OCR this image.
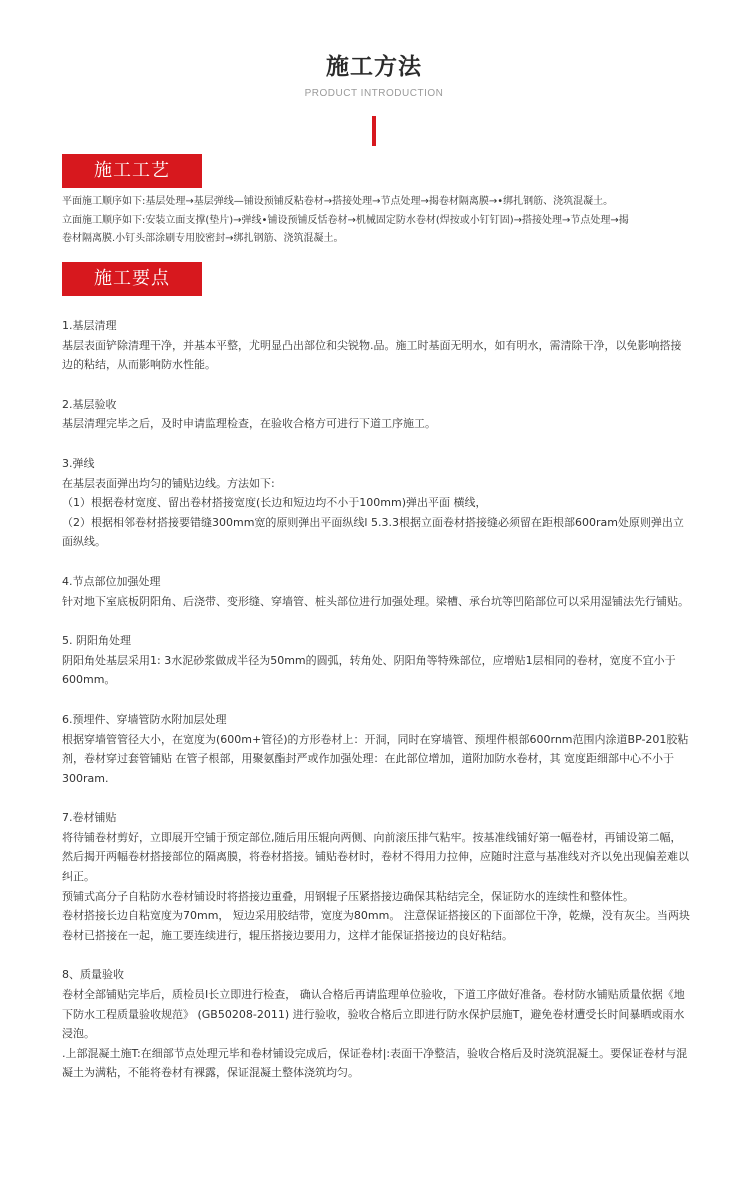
施工方法
PRODUCT INTRODUCTION
施工工艺

平面施工顺序如下:基层处理→基层弹线—铺设预铺反粘卷材→搭接处理→节点处理→揭卷材隔离膜→•绑扎钢筋、浇筑混凝土。

立面施工顺序如下:安装立面支撑(垫片)→弹线•铺设预铺反恬卷材→机械固定防水卷材(焊按或小钉钉固)→搭接处理→节点处理→揭卷材隔离膜.小钉头部涂刷专用胶密封→绑扎钢筋、浇筑混凝土。

施工要点

1.基层清理

基层表面铲除清理干净，并基本平整，尤明显凸出部位和尖锐物.品。施工时基面无明水，如有明水，需清除干净，以免影响搭接边的粘结，从而影响防水性能。

2.基层验收

基层清理完毕之后，及时申请监理检查，在验收合格方可进行下道工序施工。

3.弹线

在基层表面弹出均匀的铺贴边线。方法如下:

（1）根据卷材宽度、留出卷材搭接宽度(长边和短边均不小于100mm)弹出平面 横线，

（2）根据相邻卷材搭接要错缝300mm宽的原则弹出平面纵线l 5.3.3根据立面卷材搭接缝必须留在距根部600ram处原则弹出立面纵线。

4.节点部位加强处理

针对地下室底板阴阳角、后浇带、变形缝、穿墙管、桩头部位进行加强处理。梁槽、承台坑等凹陷部位可以采用湿铺法先行铺贴。

5. 阴阳角处理

阴阳角处基层采用1: 3水泥砂浆做成半径为50mm的圆弧，转角处、阴阳角等特殊部位，应增贴1层相同的卷材，宽度不宜小于600mm。

6.预埋件、穿墙管防水附加层处理

根据穿墙管管径大小，在宽度为(600m+管径)的方形卷材上：开洞，同时在穿墙管、预埋件根部600rnm范围内涂道BP-201胶粘剂，卷材穿过套管铺贴 在管子根部，用聚氨酯封严或作加强处理：在此部位增加，道附加防水卷材，其 宽度距细部中心不小于300ram.

7.卷材铺贴

将待铺卷材剪好，立即展开空铺于预定部位,随后用压辊向两侧、向前滚压排气粘牢。按基准线铺好第一幅卷材，再铺设第二幅，然后揭开两幅卷材搭接部位的隔离膜，将卷材搭接。铺贴卷材时，卷材不得用力拉伸，应随时注意与基准线对齐以免出现偏差难以纠正。

预铺式高分子自粘防水卷材铺设时将搭接边重叠，用钢辊子压紧搭接边确保其粘结完全，保证防水的连续性和整体性。

卷材搭接长边自粘宽度为70mm， 短边采用胶结带，宽度为80mm。 注意保证搭接区的下面部位干净，乾燥，没有灰尘。当两块卷材已搭接在一起，施工要连续进行，辊压搭接边要用力，这样才能保证搭接边的良好粘结。

8、质量验收

卷材全部铺贴完毕后，质检员I长立即进行检查， 确认合格后再请监理单位验收，下道工序做好准备。卷材防水铺贴质量依据《地下防水工程质量验收规范》 (GB50208-2011) 进行验收，验收合格后立即进行防水保护层施T，避免卷材遭受长时间暴晒或雨水浸泡。

.上部混凝土施T:在细部节点处理元毕和卷材铺设完成后，保证卷材|:表面干净整洁，验收合格后及时浇筑混凝土。要保证卷材与混凝土为满粘，不能将卷材有裸露，保证混凝土整体浇筑均匀。
